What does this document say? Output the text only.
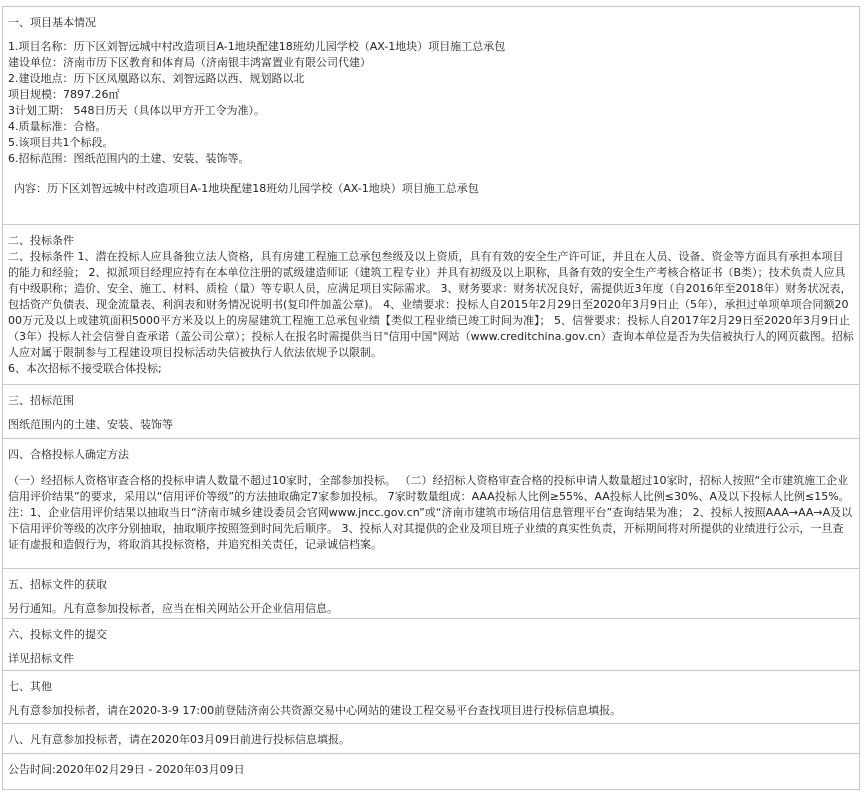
一、项目基本情况
1.项目名称：历下区刘智远城中村改造项目A-1地块配建18班幼儿园学校（AX-1地块）项目施工总承包
建设单位：济南市历下区教育和体育局（济南银丰鸿富置业有限公司代建）
2.建设地点：历下区凤凰路以东、刘智远路以西、规划路以北
项目规模：7897.26㎡
3计划工期： 548日历天（具体以甲方开工令为准）。
4.质量标准：合格。
5.该项目共1个标段。
6.招标范围：图纸范围内的土建、安装、装饰等。
内容：历下区刘智远城中村改造项目A-1地块配建18班幼儿园学校（AX-1地块）项目施工总承包
二、投标条件
二、投标条件 1、潜在投标人应具备独立法人资格，具有房建工程施工总承包叁级及以上资质，具有有效的安全生产许可证，并且在人员、设备、资金等方面具有承担本项目的能力和经验； 2、拟派项目经理应持有在本单位注册的贰级建造师证（建筑工程专业）并具有初级及以上职称，具备有效的安全生产考核合格证书（B类）；技术负责人应具有中级职称；造价、安全、施工、材料、质检（量）等专职人员，应满足项目实际需求。 3、财务要求：财务状况良好，需提供近3年度（自2016年至2018年）财务状况表，包括资产负债表、现金流量表、利润表和财务情况说明书(复印件加盖公章)。 4、业绩要求：投标人自2015年2月29日至2020年3月9日止（5年），承担过单项单项合同额2000万元及以上或建筑面积5000平方米及以上的房屋建筑工程施工总承包业绩【类似工程业绩已竣工时间为准】； 5、信誉要求：投标人自2017年2月29日至2020年3月9日止（3年）投标人社会信誉自查承诺（盖公司公章）；投标人在报名时需提供当日"信用中国"网站（www.creditchina.gov.cn）查询本单位是否为失信被执行人的网页截图。招标人应对属于限制参与工程建设项目投标活动失信被执行人依法依规予以限制。
6、本次招标不接受联合体投标;
三、招标范围
图纸范围内的土建、安装、装饰等
四、合格投标人确定方法
（一）经招标人资格审查合格的投标申请人数量不超过10家时，全部参加投标。 （二）经招标人资格审查合格的投标申请人数量超过10家时，招标人按照“全市建筑施工企业信用评价结果”的要求，采用以“信用评价等级”的方法抽取确定7家参加投标。 7家时数量组成：AAA投标人比例≥55%、AA投标人比例≤30%、A及以下投标人比例≤15%。 注：1、企业信用评价结果以抽取当日“济南市城乡建设委员会官网www.jncc.gov.cn”或“济南市建筑市场信用信息管理平台”查询结果为准； 2、投标人按照AAA→AA→A及以下信用评价等级的次序分别抽取，抽取顺序按照签到时间先后顺序。 3、投标人对其提供的企业及项目班子业绩的真实性负责，开标期间将对所提供的业绩进行公示，一旦查证有虚报和造假行为，将取消其投标资格，并追究相关责任，记录诚信档案。
五、招标文件的获取
另行通知。凡有意参加投标者，应当在相关网站公开企业信用信息。
六、投标文件的提交
详见招标文件
七、其他
凡有意参加投标者，请在2020-3-9 17:00前登陆济南公共资源交易中心网站的建设工程交易平台查找项目进行投标信息填报。
八、凡有意参加投标者，请在2020年03月09日前进行投标信息填报。
公告时间:2020年02月29日 - 2020年03月09日
